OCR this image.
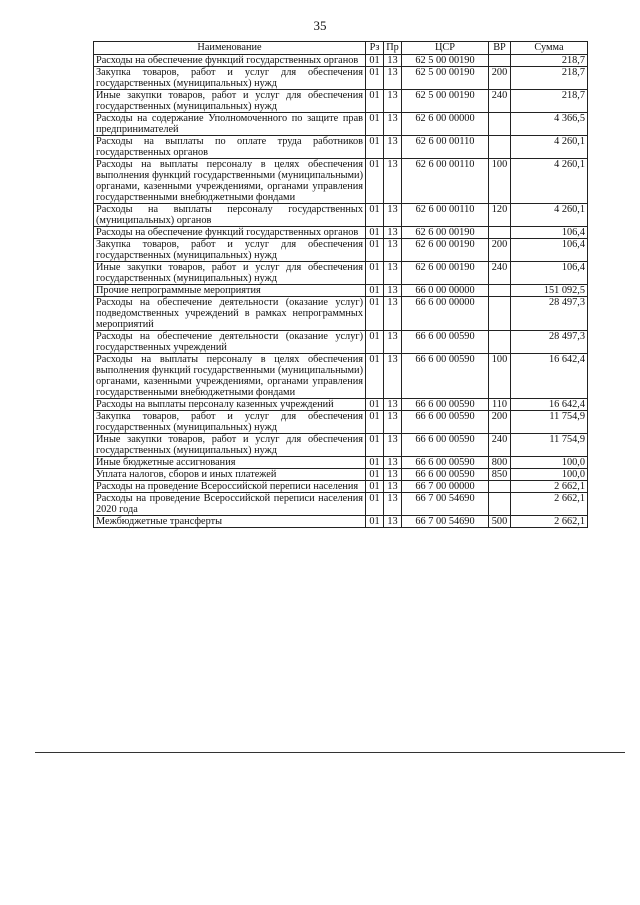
35
Наименование	Рз	Пр	ЦСР	ВР	Сумма
Расходы на обеспечение функций государственных органов	01	13	62 5 00 00190		218,7
Закупка товаров, работ и услуг для обеспечения государственных (муниципальных) нужд	01	13	62 5 00 00190	200	218,7
Иные закупки товаров, работ и услуг для обеспечения государственных (муниципальных) нужд	01	13	62 5 00 00190	240	218,7
Расходы на содержание Уполномоченного по защите прав предпринимателей	01	13	62 6 00 00000		4 366,5
Расходы на выплаты по оплате труда работников государственных органов	01	13	62 6 00 00110		4 260,1
Расходы на выплаты персоналу в целях обеспечения выполнения функций государственными (муниципальными) органами, казенными учреждениями, органами управления государственными внебюджетными фондами	01	13	62 6 00 00110	100	4 260,1
Расходы на выплаты персоналу государственных (муниципальных) органов	01	13	62 6 00 00110	120	4 260,1
Расходы на обеспечение функций государственных органов	01	13	62 6 00 00190		106,4
Закупка товаров, работ и услуг для обеспечения государственных (муниципальных) нужд	01	13	62 6 00 00190	200	106,4
Иные закупки товаров, работ и услуг для обеспечения государственных (муниципальных) нужд	01	13	62 6 00 00190	240	106,4
Прочие непрограммные мероприятия	01	13	66 0 00 00000		151 092,5
Расходы на обеспечение деятельности (оказание услуг) подведомственных учреждений в рамках непрограммных мероприятий	01	13	66 6 00 00000		28 497,3
Расходы на обеспечение деятельности (оказание услуг) государственных учреждений	01	13	66 6 00 00590		28 497,3
Расходы на выплаты персоналу в целях обеспечения выполнения функций государственными (муниципальными) органами, казенными учреждениями, органами управления государственными внебюджетными фондами	01	13	66 6 00 00590	100	16 642,4
Расходы на выплаты персоналу казенных учреждений	01	13	66 6 00 00590	110	16 642,4
Закупка товаров, работ и услуг для обеспечения государственных (муниципальных) нужд	01	13	66 6 00 00590	200	11 754,9
Иные закупки товаров, работ и услуг для обеспечения государственных (муниципальных) нужд	01	13	66 6 00 00590	240	11 754,9
Иные бюджетные ассигнования	01	13	66 6 00 00590	800	100,0
Уплата налогов, сборов и иных платежей	01	13	66 6 00 00590	850	100,0
Расходы на проведение Всероссийской переписи населения	01	13	66 7 00 00000		2 662,1
Расходы на проведение Всероссийской переписи населения 2020 года	01	13	66 7 00 54690		2 662,1
Межбюджетные трансферты	01	13	66 7 00 54690	500	2 662,1
